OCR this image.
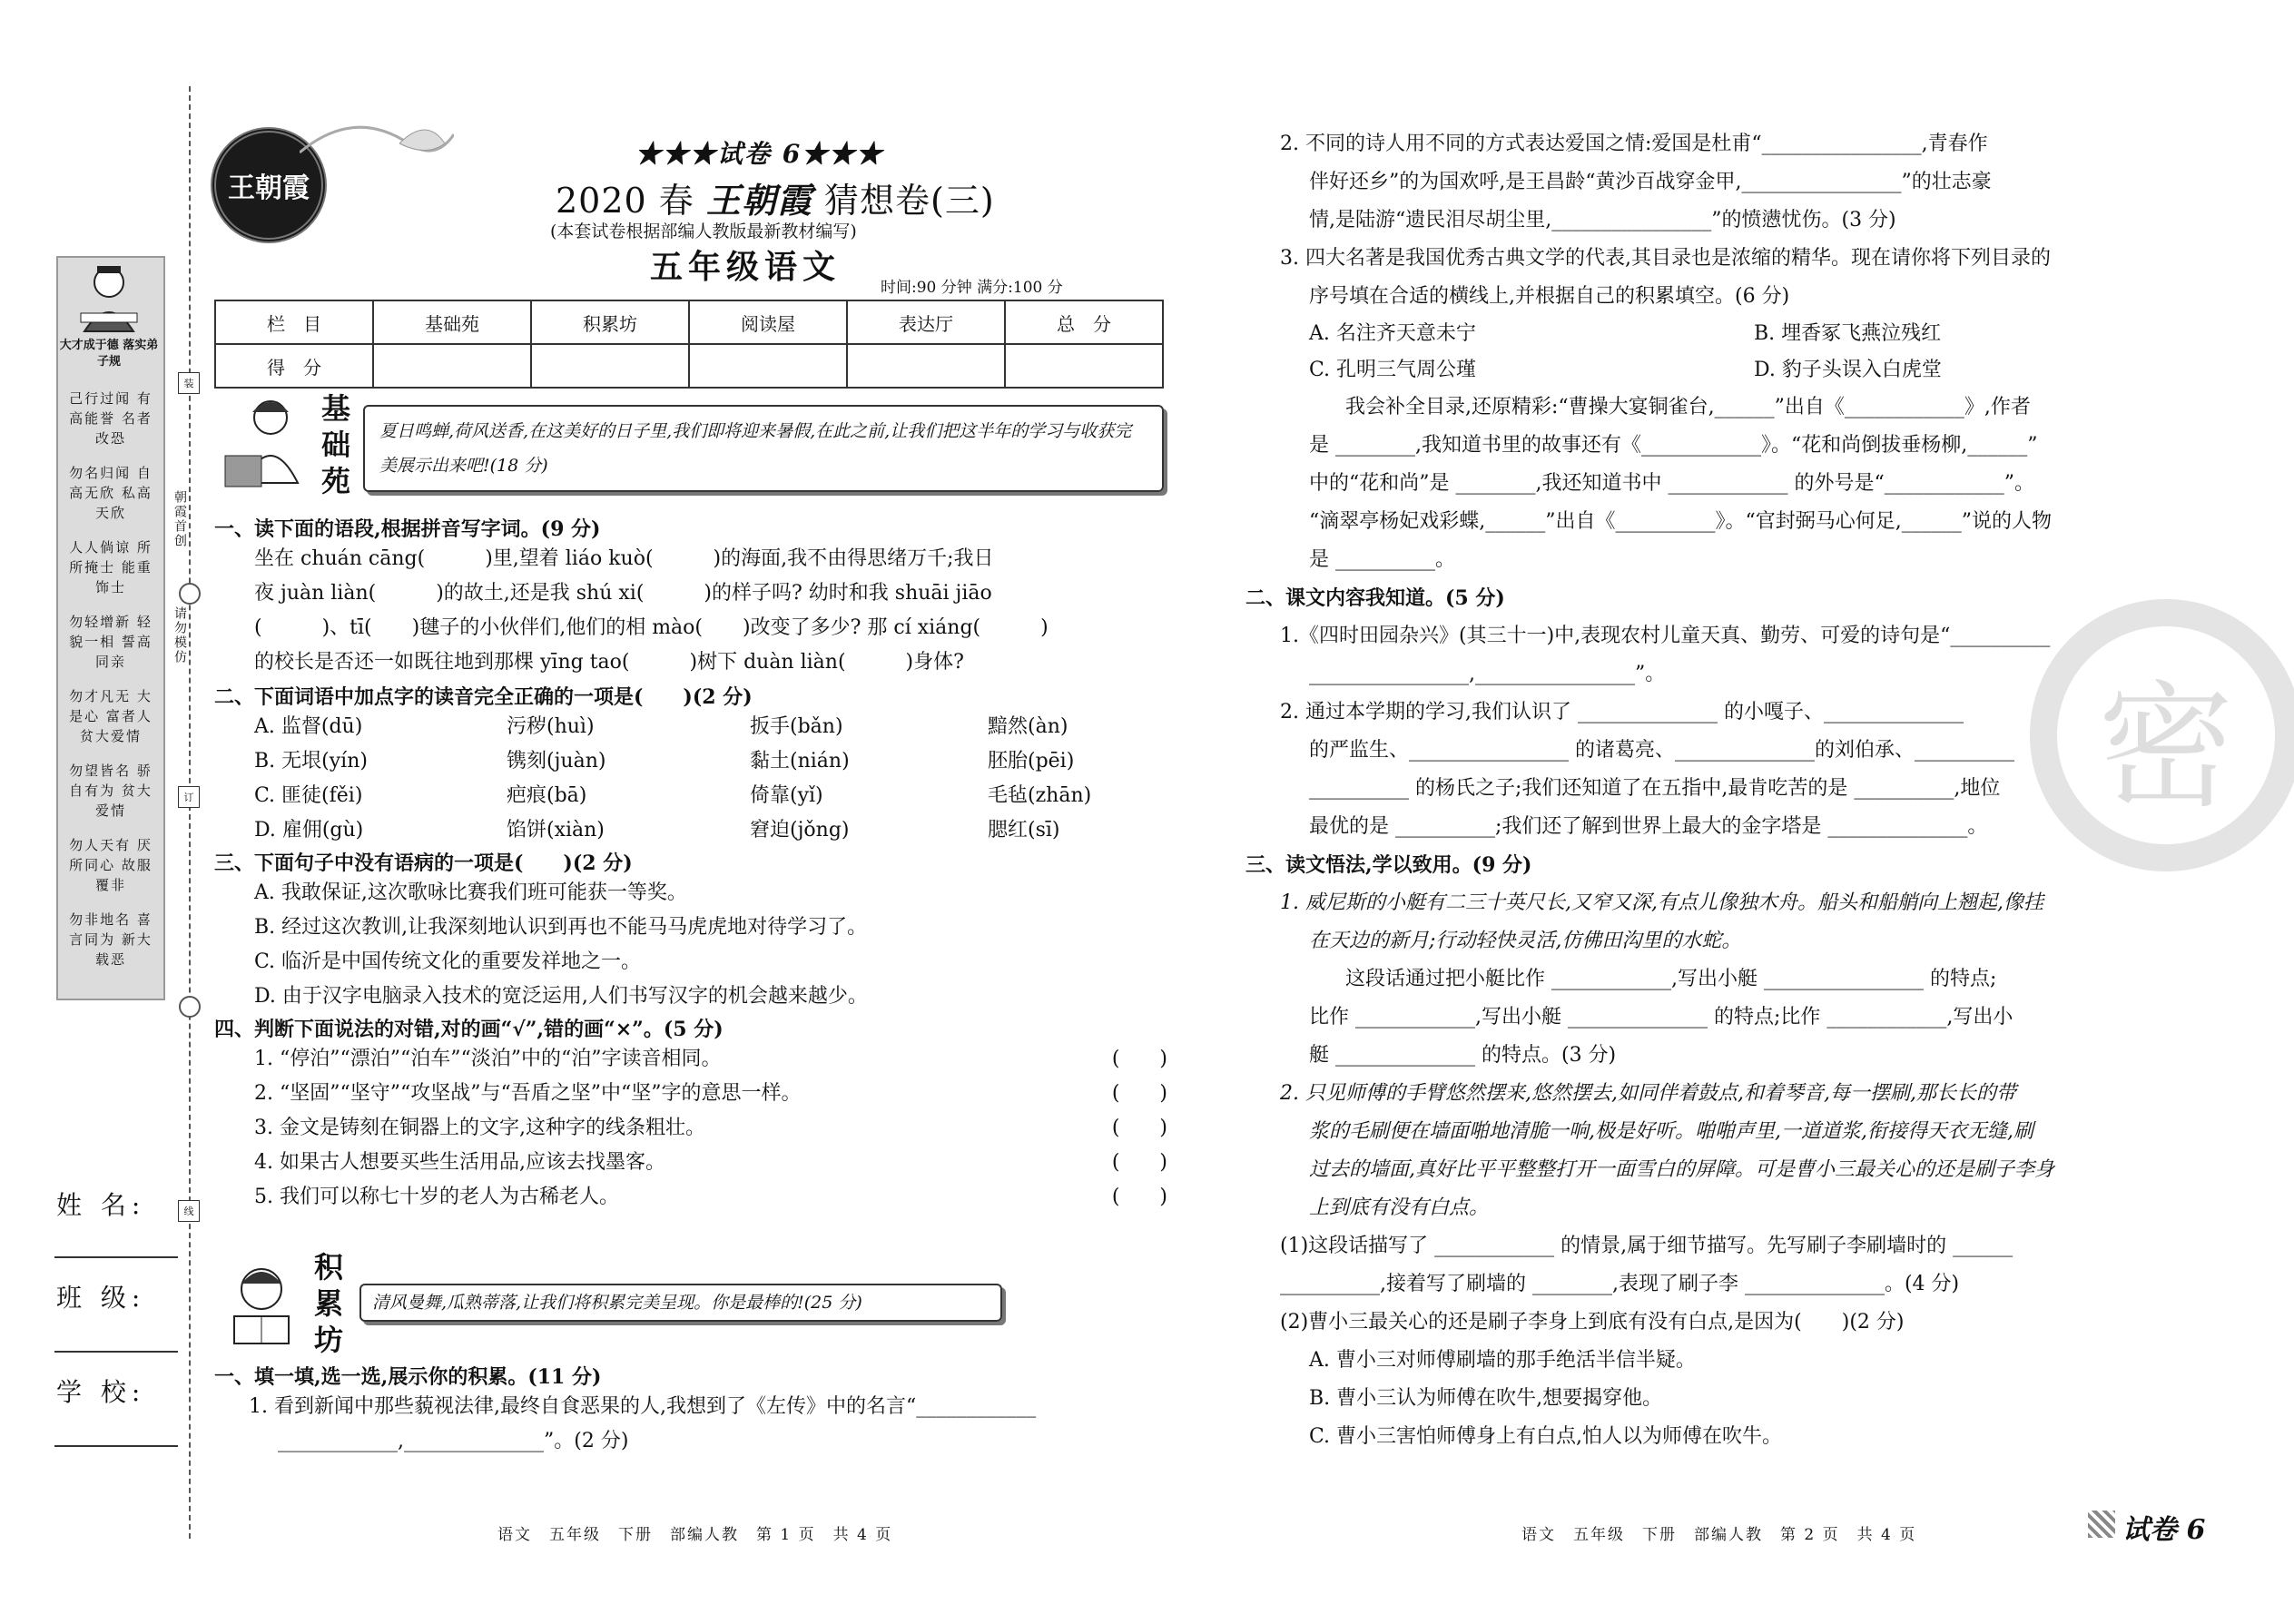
大才成于德 落实弟子规
己行过闻 有高能誉 名者改恐
勿名归闻 自高无欣 私高天欣
人人倘谅 所所掩士 能重饰士
勿轻增新 轻貌一相 誓高同亲
勿才凡无 大是心 富者人 贫大爱情
勿望皆名 骄自有为 贫大爱情
勿人天有 厌所同心 故服覆非
勿非地名 喜言同为 新大载恶
装
朝霞首创
请勿模仿
订
线
姓 名:
班 级:
学 校:
王朝霞
★★★试卷 6★★★
2020 春 王朝霞 猜想卷(三)
(本套试卷根据部编人教版最新教材编写)
五年级语文
时间:90 分钟 满分:100 分
栏　目	基础苑	积累坊	阅读屋	表达厅	总　分
得　分					
基
础
苑
夏日鸣蝉,荷风送香,在这美好的日子里,我们即将迎来暑假,在此之前,让我们把这半年的学习与收获完美展示出来吧!(18 分)
一、读下面的语段,根据拼音写字词。(9 分)
坐在 chuán cāng(　　　)里,望着 liáo kuò(　　　)的海面,我不由得思绪万千;我日
夜 juàn liàn(　　　)的故土,还是我 shú xi(　　　)的样子吗? 幼时和我 shuāi jiāo
(　　　)、tī(　　)毽子的小伙伴们,他们的相 mào(　　)改变了多少? 那 cí xiáng(　　　)
的校长是否还一如既往地到那棵 yīng tao(　　　)树下 duàn liàn(　　　)身体?
二、下面词语中加点字的读音完全正确的一项是(　　)(2 分)
A. 监督(dū)	污秽(huì)	扳手(bǎn)	黯然(àn)
B. 无垠(yín)	镌刻(juàn)	黏土(nián)	胚胎(pēi)
C. 匪徒(fěi)	疤痕(bā)	倚靠(yǐ)	毛毡(zhān)
D. 雇佣(gù)	馅饼(xiàn)	窘迫(jǒng)	腮红(sī)
三、下面句子中没有语病的一项是(　　)(2 分)
A. 我敢保证,这次歌咏比赛我们班可能获一等奖。
B. 经过这次教训,让我深刻地认识到再也不能马马虎虎地对待学习了。
C. 临沂是中国传统文化的重要发祥地之一。
D. 由于汉字电脑录入技术的宽泛运用,人们书写汉字的机会越来越少。
四、判断下面说法的对错,对的画“√”,错的画“×”。(5 分)
1. “停泊”“漂泊”“泊车”“淡泊”中的“泊”字读音相同。	(　　)
2. “坚固”“坚守”“攻坚战”与“吾盾之坚”中“坚”字的意思一样。	(　　)
3. 金文是铸刻在铜器上的文字,这种字的线条粗壮。	(　　)
4. 如果古人想要买些生活用品,应该去找墨客。	(　　)
5. 我们可以称七十岁的老人为古稀老人。	(　　)
积
累
坊
清风曼舞,瓜熟蒂落,让我们将积累完美呈现。你是最棒的!(25 分)
一、填一填,选一选,展示你的积累。(11 分)
1. 看到新闻中那些藐视法律,最终自食恶果的人,我想到了《左传》中的名言“____________
____________,______________”。(2 分)
语文　五年级　下册　部编人教　第 1 页　共 4 页
密
2. 不同的诗人用不同的方式表达爱国之情:爱国是杜甫“________________,青春作
伴好还乡”的为国欢呼,是王昌龄“黄沙百战穿金甲,________________”的壮志豪
情,是陆游“遗民泪尽胡尘里,________________”的愤懑忧伤。(3 分)
3. 四大名著是我国优秀古典文学的代表,其目录也是浓缩的精华。现在请你将下列目录的
序号填在合适的横线上,并根据自己的积累填空。(6 分)
A. 名注齐天意未宁	B. 埋香冢飞燕泣残红
C. 孔明三气周公瑾	D. 豹子头误入白虎堂
我会补全目录,还原精彩:“曹操大宴铜雀台,______”出自《____________》,作者
是 ________,我知道书里的故事还有《____________》。“花和尚倒拔垂杨柳,______”
中的“花和尚”是 ________,我还知道书中 ____________ 的外号是“____________”。
“滴翠亭杨妃戏彩蝶,______”出自《__________》。“官封弼马心何足,______”说的人物
是 __________。
二、课文内容我知道。(5 分)
1.《四时田园杂兴》(其三十一)中,表现农村儿童天真、勤劳、可爱的诗句是“__________
________________,________________”。
2. 通过本学期的学习,我们认识了 ______________ 的小嘎子、______________
的严监生、________________ 的诸葛亮、______________的刘伯承、__________
__________ 的杨氏之子;我们还知道了在五指中,最肯吃苦的是 __________,地位
最优的是 __________;我们还了解到世界上最大的金字塔是 ______________。
三、读文悟法,学以致用。(9 分)
1. 威尼斯的小艇有二三十英尺长,又窄又深,有点儿像独木舟。船头和船艄向上翘起,像挂
在天边的新月;行动轻快灵活,仿佛田沟里的水蛇。
这段话通过把小艇比作 ____________,写出小艇 ________________ 的特点;
比作 ____________,写出小艇 ______________ 的特点;比作 ____________,写出小
艇 ______________ 的特点。(3 分)
2. 只见师傅的手臂悠然摆来,悠然摆去,如同伴着鼓点,和着琴音,每一摆刷,那长长的带
浆的毛刷便在墙面啪地清脆一响,极是好听。啪啪声里,一道道浆,衔接得天衣无缝,刷
过去的墙面,真好比平平整整打开一面雪白的屏障。可是曹小三最关心的还是刷子李身
上到底有没有白点。
(1)这段话描写了 ____________ 的情景,属于细节描写。先写刷子李刷墙时的 ______
__________,接着写了刷墙的 ________,表现了刷子李 ______________。(4 分)
(2)曹小三最关心的还是刷子李身上到底有没有白点,是因为(　　)(2 分)
A. 曹小三对师傅刷墙的那手绝活半信半疑。
B. 曹小三认为师傅在吹牛,想要揭穿他。
C. 曹小三害怕师傅身上有白点,怕人以为师傅在吹牛。
语文　五年级　下册　部编人教　第 2 页　共 4 页	试卷 6
